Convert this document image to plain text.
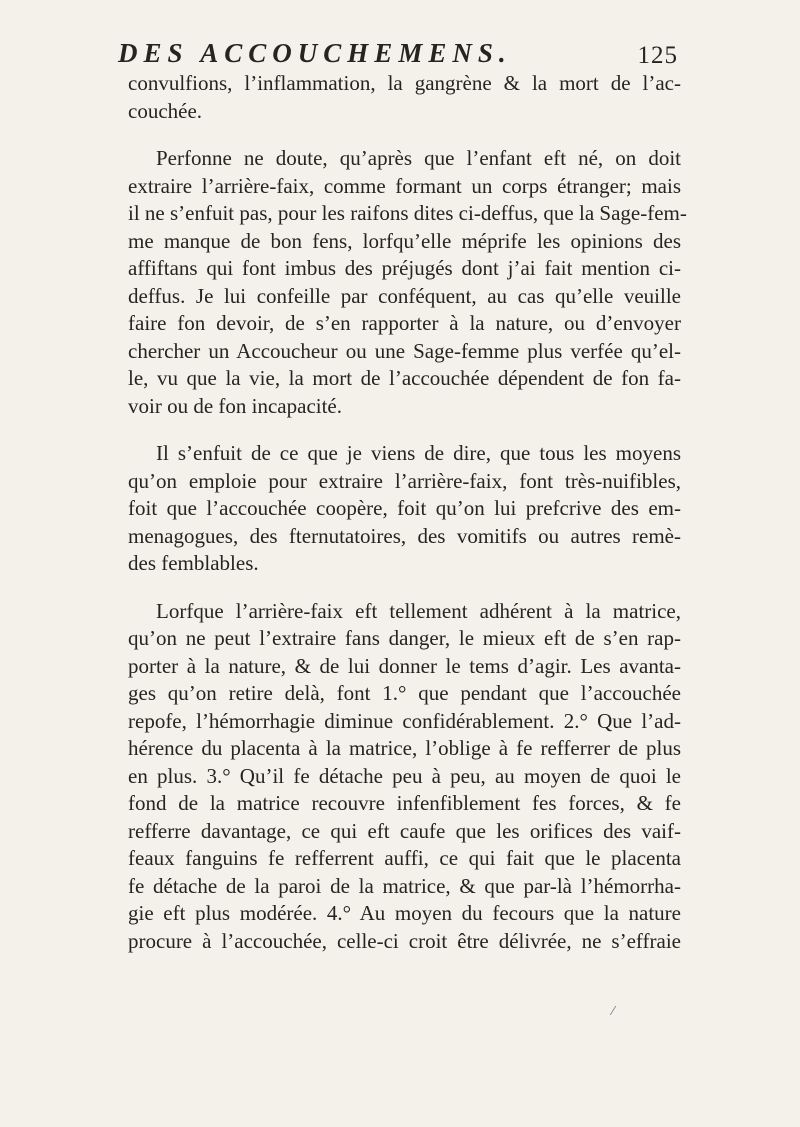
DES ACCOUCHEMENS.	125
convulfions, l’inflammation, la gangrène & la mort de l’ac-
couchée.
Perfonne ne doute, qu’après que l’enfant eft né, on doit
extraire l’arrière-faix, comme formant un corps étranger; mais
il ne s’enfuit pas, pour les raifons dites ci-deffus, que la Sage-fem-
me manque de bon fens, lorfqu’elle méprife les opinions des
affiftans qui font imbus des préjugés dont j’ai fait mention ci-
deffus. Je lui confeille par conféquent, au cas qu’elle veuille
faire fon devoir, de s’en rapporter à la nature, ou d’envoyer
chercher un Accoucheur ou une Sage-femme plus verfée qu’el-
le, vu que la vie, la mort de l’accouchée dépendent de fon fa-
voir ou de fon incapacité.
Il s’enfuit de ce que je viens de dire, que tous les moyens
qu’on emploie pour extraire l’arrière-faix, font très-nuifibles,
foit que l’accouchée coopère, foit qu’on lui prefcrive des em-
menagogues, des fternutatoires, des vomitifs ou autres remè-
des femblables.
Lorfque l’arrière-faix eft tellement adhérent à la matrice,
qu’on ne peut l’extraire fans danger, le mieux eft de s’en rap-
porter à la nature, & de lui donner le tems d’agir. Les avanta-
ges qu’on retire delà, font 1.° que pendant que l’accouchée
repofe, l’hémorrhagie diminue confidérablement. 2.° Que l’ad-
hérence du placenta à la matrice, l’oblige à fe refferrer de plus
en plus. 3.° Qu’il fe détache peu à peu, au moyen de quoi le
fond de la matrice recouvre infenfiblement fes forces, & fe
refferre davantage, ce qui eft caufe que les orifices des vaif-
feaux fanguins fe refferrent auffi, ce qui fait que le placenta
fe détache de la paroi de la matrice, & que par-là l’hémorrha-
gie eft plus modérée. 4.° Au moyen du fecours que la nature
procure à l’accouchée, celle-ci croit être délivrée, ne s’effraie
⁄
